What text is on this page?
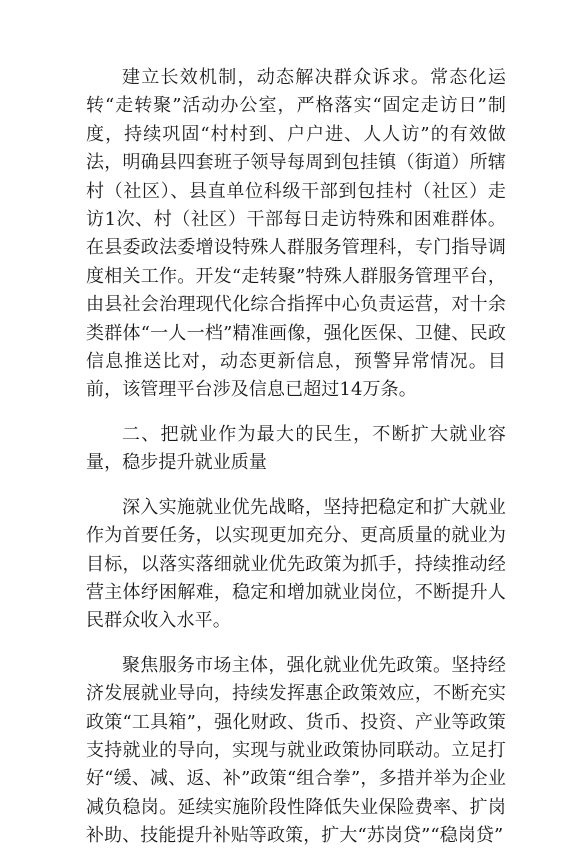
建立长效机制，动态解决群众诉求。常态化运转“走转聚”活动办公室，严格落实“固定走访日”制度，持续巩固“村村到、户户进、人人访”的有效做法，明确县四套班子领导每周到包挂镇（街道）所辖村（社区）、县直单位科级干部到包挂村（社区）走访1次、村（社区）干部每日走访特殊和困难群体。在县委政法委增设特殊人群服务管理科，专门指导调度相关工作。开发“走转聚”特殊人群服务管理平台，由县社会治理现代化综合指挥中心负责运营，对十余类群体“一人一档”精准画像，强化医保、卫健、民政信息推送比对，动态更新信息，预警异常情况。目前，该管理平台涉及信息已超过14万条。

二、把就业作为最大的民生，不断扩大就业容量，稳步提升就业质量

深入实施就业优先战略，坚持把稳定和扩大就业作为首要任务，以实现更加充分、更高质量的就业为目标，以落实落细就业优先政策为抓手，持续推动经营主体纾困解难，稳定和增加就业岗位，不断提升人民群众收入水平。

聚焦服务市场主体，强化就业优先政策。坚持经济发展就业导向，持续发挥惠企政策效应，不断充实政策“工具箱”，强化财政、货币、投资、产业等政策支持就业的导向，实现与就业政策协同联动。立足打好“缓、减、返、补”政策“组合拳”，多措并举为企业减负稳岗。延续实施阶段性降低失业保险费率、扩岗补助、技能提升补贴等政策，扩大“苏岗贷”“稳岗贷”
